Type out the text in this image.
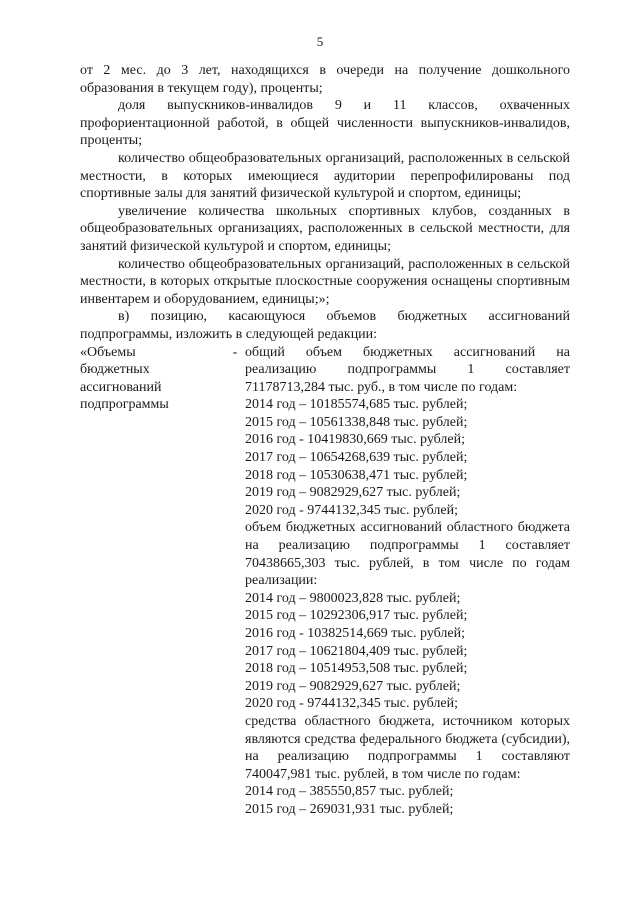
5

от 2 мес. до 3 лет, находящихся в очереди на получение дошкольного образования в текущем году), проценты;

доля выпускников-инвалидов 9 и 11 классов, охваченных профориентационной работой, в общей численности выпускников-инвалидов, проценты;

количество общеобразовательных организаций, расположенных в сельской местности, в которых имеющиеся аудитории перепрофилированы под спортивные залы для занятий физической культурой и спортом, единицы;

увеличение количества школьных спортивных клубов, созданных в общеобразовательных организациях, расположенных в сельской местности, для занятий физической культурой и спортом, единицы;

количество общеобразовательных организаций, расположенных в сельской местности, в которых открытые плоскостные сооружения оснащены спортивным инвентарем и оборудованием, единицы;»;

в) позицию, касающуюся объемов бюджетных ассигнований подпрограммы, изложить в следующей редакции:

«Объемы
бюджетных
ассигнований
подпрограммы
- общий объем бюджетных ассигнований на реализацию подпрограммы 1 составляет 71178713,284 тыс. руб., в том числе по годам:

2014 год – 10185574,685 тыс. рублей;
2015 год – 10561338,848 тыс. рублей;
2016 год - 10419830,669 тыс. рублей;
2017 год – 10654268,639 тыс. рублей;
2018 год – 10530638,471 тыс. рублей;
2019 год – 9082929,627 тыс. рублей;
2020 год - 9744132,345 тыс. рублей;

объем бюджетных ассигнований областного бюджета на реализацию подпрограммы 1 составляет 70438665,303 тыс. рублей, в том числе по годам реализации:

2014 год – 9800023,828 тыс. рублей;
2015 год – 10292306,917 тыс. рублей;
2016 год - 10382514,669 тыс. рублей;
2017 год – 10621804,409 тыс. рублей;
2018 год – 10514953,508 тыс. рублей;
2019 год – 9082929,627 тыс. рублей;
2020 год - 9744132,345 тыс. рублей;

средства областного бюджета, источником которых являются средства федерального бюджета (субсидии), на реализацию подпрограммы 1 составляют 740047,981 тыс. рублей, в том числе по годам:

2014 год – 385550,857 тыс. рублей;
2015 год – 269031,931 тыс. рублей;
